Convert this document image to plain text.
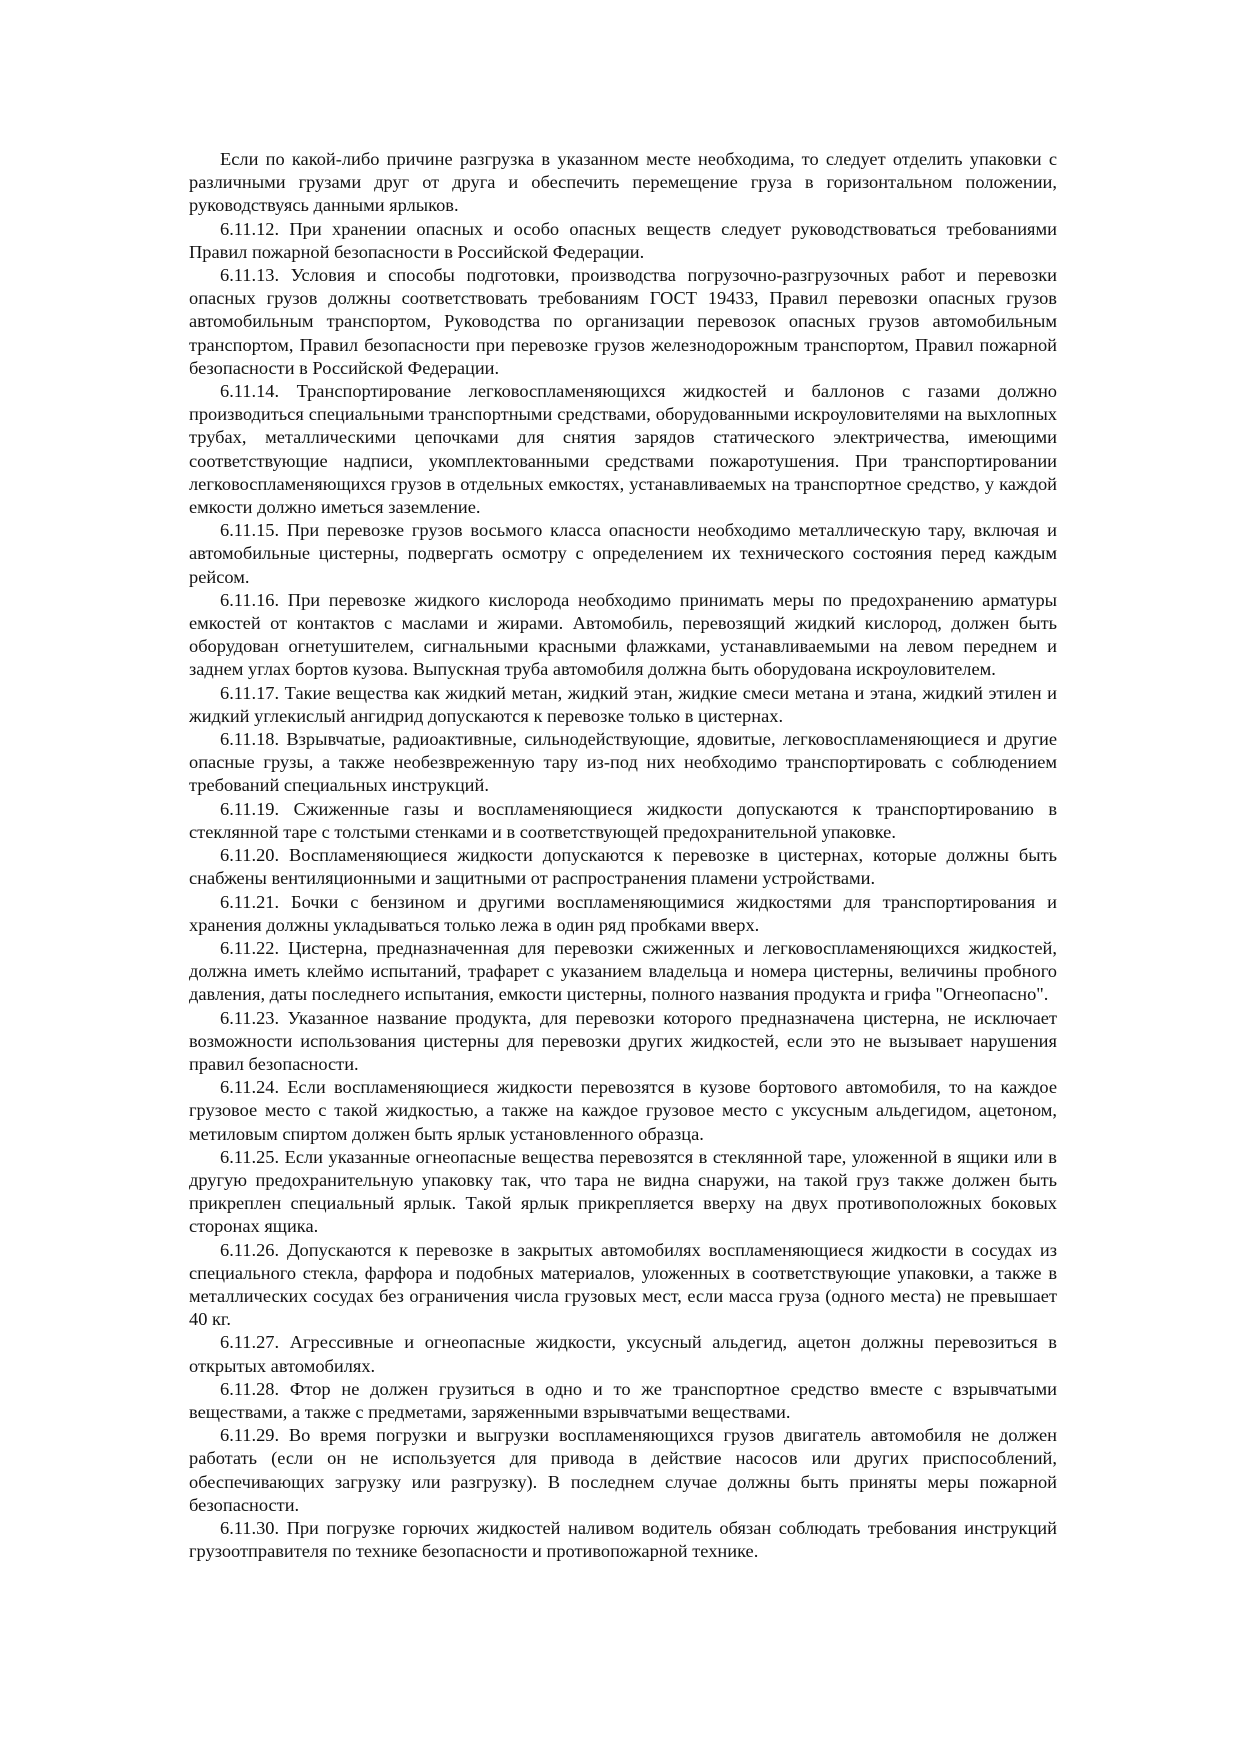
Если по какой-либо причине разгрузка в указанном месте необходима, то следует отделить упаковки с различными грузами друг от друга и обеспечить перемещение груза в горизонтальном положении, руководствуясь данными ярлыков.

6.11.12. При хранении опасных и особо опасных веществ следует руководствоваться требованиями Правил пожарной безопасности в Российской Федерации.

6.11.13. Условия и способы подготовки, производства погрузочно-разгрузочных работ и перевозки опасных грузов должны соответствовать требованиям ГОСТ 19433, Правил перевозки опасных грузов автомобильным транспортом, Руководства по организации перевозок опасных грузов автомобильным транспортом, Правил безопасности при перевозке грузов железнодорожным транспортом, Правил пожарной безопасности в Российской Федерации.

6.11.14. Транспортирование легковоспламеняющихся жидкостей и баллонов с газами должно производиться специальными транспортными средствами, оборудованными искроуловителями на выхлопных трубах, металлическими цепочками для снятия зарядов статического электричества, имеющими соответствующие надписи, укомплектованными средствами пожаротушения. При транспортировании легковоспламеняющихся грузов в отдельных емкостях, устанавливаемых на транспортное средство, у каждой емкости должно иметься заземление.

6.11.15. При перевозке грузов восьмого класса опасности необходимо металлическую тару, включая и автомобильные цистерны, подвергать осмотру с определением их технического состояния перед каждым рейсом.

6.11.16. При перевозке жидкого кислорода необходимо принимать меры по предохранению арматуры емкостей от контактов с маслами и жирами. Автомобиль, перевозящий жидкий кислород, должен быть оборудован огнетушителем, сигнальными красными флажками, устанавливаемыми на левом переднем и заднем углах бортов кузова. Выпускная труба автомобиля должна быть оборудована искроуловителем.

6.11.17. Такие вещества как жидкий метан, жидкий этан, жидкие смеси метана и этана, жидкий этилен и жидкий углекислый ангидрид допускаются к перевозке только в цистернах.

6.11.18. Взрывчатые, радиоактивные, сильнодействующие, ядовитые, легковоспламеняющиеся и другие опасные грузы, а также необезвреженную тару из-под них необходимо транспортировать с соблюдением требований специальных инструкций.

6.11.19. Сжиженные газы и воспламеняющиеся жидкости допускаются к транспортированию в стеклянной таре с толстыми стенками и в соответствующей предохранительной упаковке.

6.11.20. Воспламеняющиеся жидкости допускаются к перевозке в цистернах, которые должны быть снабжены вентиляционными и защитными от распространения пламени устройствами.

6.11.21. Бочки с бензином и другими воспламеняющимися жидкостями для транспортирования и хранения должны укладываться только лежа в один ряд пробками вверх.

6.11.22. Цистерна, предназначенная для перевозки сжиженных и легковоспламеняющихся жидкостей, должна иметь клеймо испытаний, трафарет с указанием владельца и номера цистерны, величины пробного давления, даты последнего испытания, емкости цистерны, полного названия продукта и грифа "Огнеопасно".

6.11.23. Указанное название продукта, для перевозки которого предназначена цистерна, не исключает возможности использования цистерны для перевозки других жидкостей, если это не вызывает нарушения правил безопасности.

6.11.24. Если воспламеняющиеся жидкости перевозятся в кузове бортового автомобиля, то на каждое грузовое место с такой жидкостью, а также на каждое грузовое место с уксусным альдегидом, ацетоном, метиловым спиртом должен быть ярлык установленного образца.

6.11.25. Если указанные огнеопасные вещества перевозятся в стеклянной таре, уложенной в ящики или в другую предохранительную упаковку так, что тара не видна снаружи, на такой груз также должен быть прикреплен специальный ярлык. Такой ярлык прикрепляется вверху на двух противоположных боковых сторонах ящика.

6.11.26. Допускаются к перевозке в закрытых автомобилях воспламеняющиеся жидкости в сосудах из специального стекла, фарфора и подобных материалов, уложенных в соответствующие упаковки, а также в металлических сосудах без ограничения числа грузовых мест, если масса груза (одного места) не превышает 40 кг.

6.11.27. Агрессивные и огнеопасные жидкости, уксусный альдегид, ацетон должны перевозиться в открытых автомобилях.

6.11.28. Фтор не должен грузиться в одно и то же транспортное средство вместе с взрывчатыми веществами, а также с предметами, заряженными взрывчатыми веществами.

6.11.29. Во время погрузки и выгрузки воспламеняющихся грузов двигатель автомобиля не должен работать (если он не используется для привода в действие насосов или других приспособлений, обеспечивающих загрузку или разгрузку). В последнем случае должны быть приняты меры пожарной безопасности.

6.11.30. При погрузке горючих жидкостей наливом водитель обязан соблюдать требования инструкций грузоотправителя по технике безопасности и противопожарной технике.
